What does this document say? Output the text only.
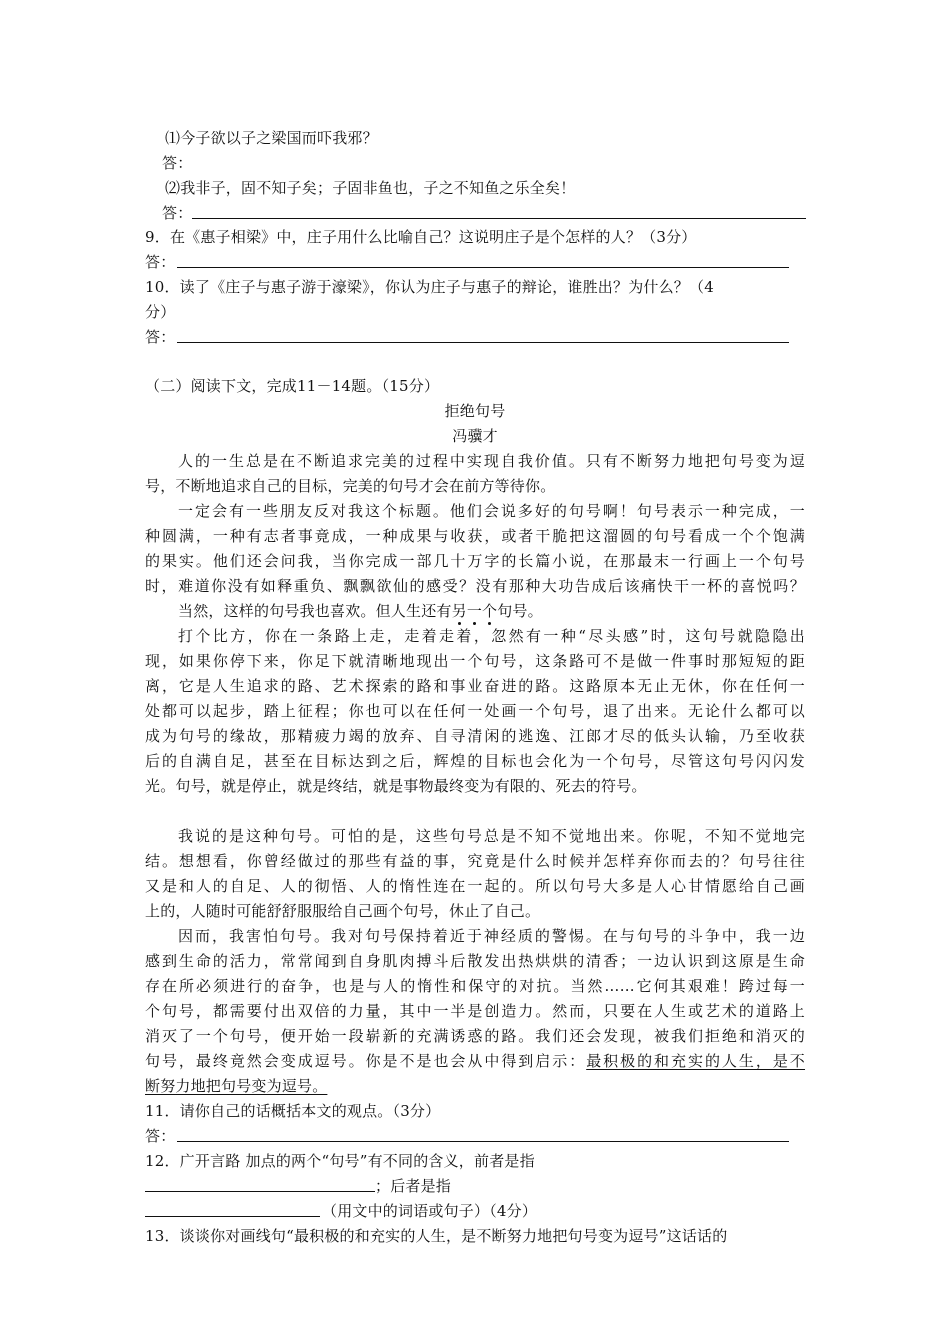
⑴今子欲以子之梁国而吓我邪？
答：
⑵我非子，固不知子矣；子固非鱼也，子之不知鱼之乐全矣！
答：
9．在《惠子相梁》中，庄子用什么比喻自己？这说明庄子是个怎样的人？（3分）
答：
10．读了《庄子与惠子游于濠梁》，你认为庄子与惠子的辩论，谁胜出？为什么？（4
分）
答：
（二）阅读下文，完成11－14题。（15分）
拒绝句号
冯骥才
人的一生总是在不断追求完美的过程中实现自我价值。只有不断努力地把句号变为逗
号，不断地追求自己的目标，完美的句号才会在前方等待你。
一定会有一些朋友反对我这个标题。他们会说多好的句号啊！句号表示一种完成，一
种圆满，一种有志者事竟成，一种成果与收获，或者干脆把这溜圆的句号看成一个个饱满
的果实。他们还会问我，当你完成一部几十万字的长篇小说，在那最末一行画上一个句号
时，难道你没有如释重负、飘飘欲仙的感受？没有那种大功告成后该痛快干一杯的喜悦吗？
当然，这样的句号我也喜欢。但人生还有另一个句号。
打个比方，你在一条路上走，走着走着，忽然有一种“尽头感”时，这句号就隐隐出
现，如果你停下来，你足下就清晰地现出一个句号，这条路可不是做一件事时那短短的距
离，它是人生追求的路、艺术探索的路和事业奋进的路。这路原本无止无休，你在任何一
处都可以起步，踏上征程；你也可以在任何一处画一个句号，退了出来。无论什么都可以
成为句号的缘故，那精疲力竭的放弃、自寻清闲的逃逸、江郎才尽的低头认输，乃至收获
后的自满自足，甚至在目标达到之后，辉煌的目标也会化为一个句号，尽管这句号闪闪发
光。句号，就是停止，就是终结，就是事物最终变为有限的、死去的符号。
我说的是这种句号。可怕的是，这些句号总是不知不觉地出来。你呢，不知不觉地完
结。想想看，你曾经做过的那些有益的事，究竟是什么时候并怎样弃你而去的？句号往往
又是和人的自足、人的彻悟、人的惰性连在一起的。所以句号大多是人心甘情愿给自己画
上的，人随时可能舒舒服服给自己画个句号，休止了自己。
因而，我害怕句号。我对句号保持着近于神经质的警惕。在与句号的斗争中，我一边
感到生命的活力，常常闻到自身肌肉搏斗后散发出热烘烘的清香；一边认识到这原是生命
存在所必须进行的奋争，也是与人的惰性和保守的对抗。当然……它何其艰难！跨过每一
个句号，都需要付出双倍的力量，其中一半是创造力。然而，只要在人生或艺术的道路上
消灭了一个句号，便开始一段崭新的充满诱惑的路。我们还会发现，被我们拒绝和消灭的
句号，最终竟然会变成逗号。你是不是也会从中得到启示：最积极的和充实的人生，是不
断努力地把句号变为逗号。
11．请你自己的话概括本文的观点。（3分）
答：
12．广开言路 加点的两个“句号”有不同的含义，前者是指
；后者是指
（用文中的词语或句子）（4分）
13．谈谈你对画线句“最积极的和充实的人生，是不断努力地把句号变为逗号”这话话的
